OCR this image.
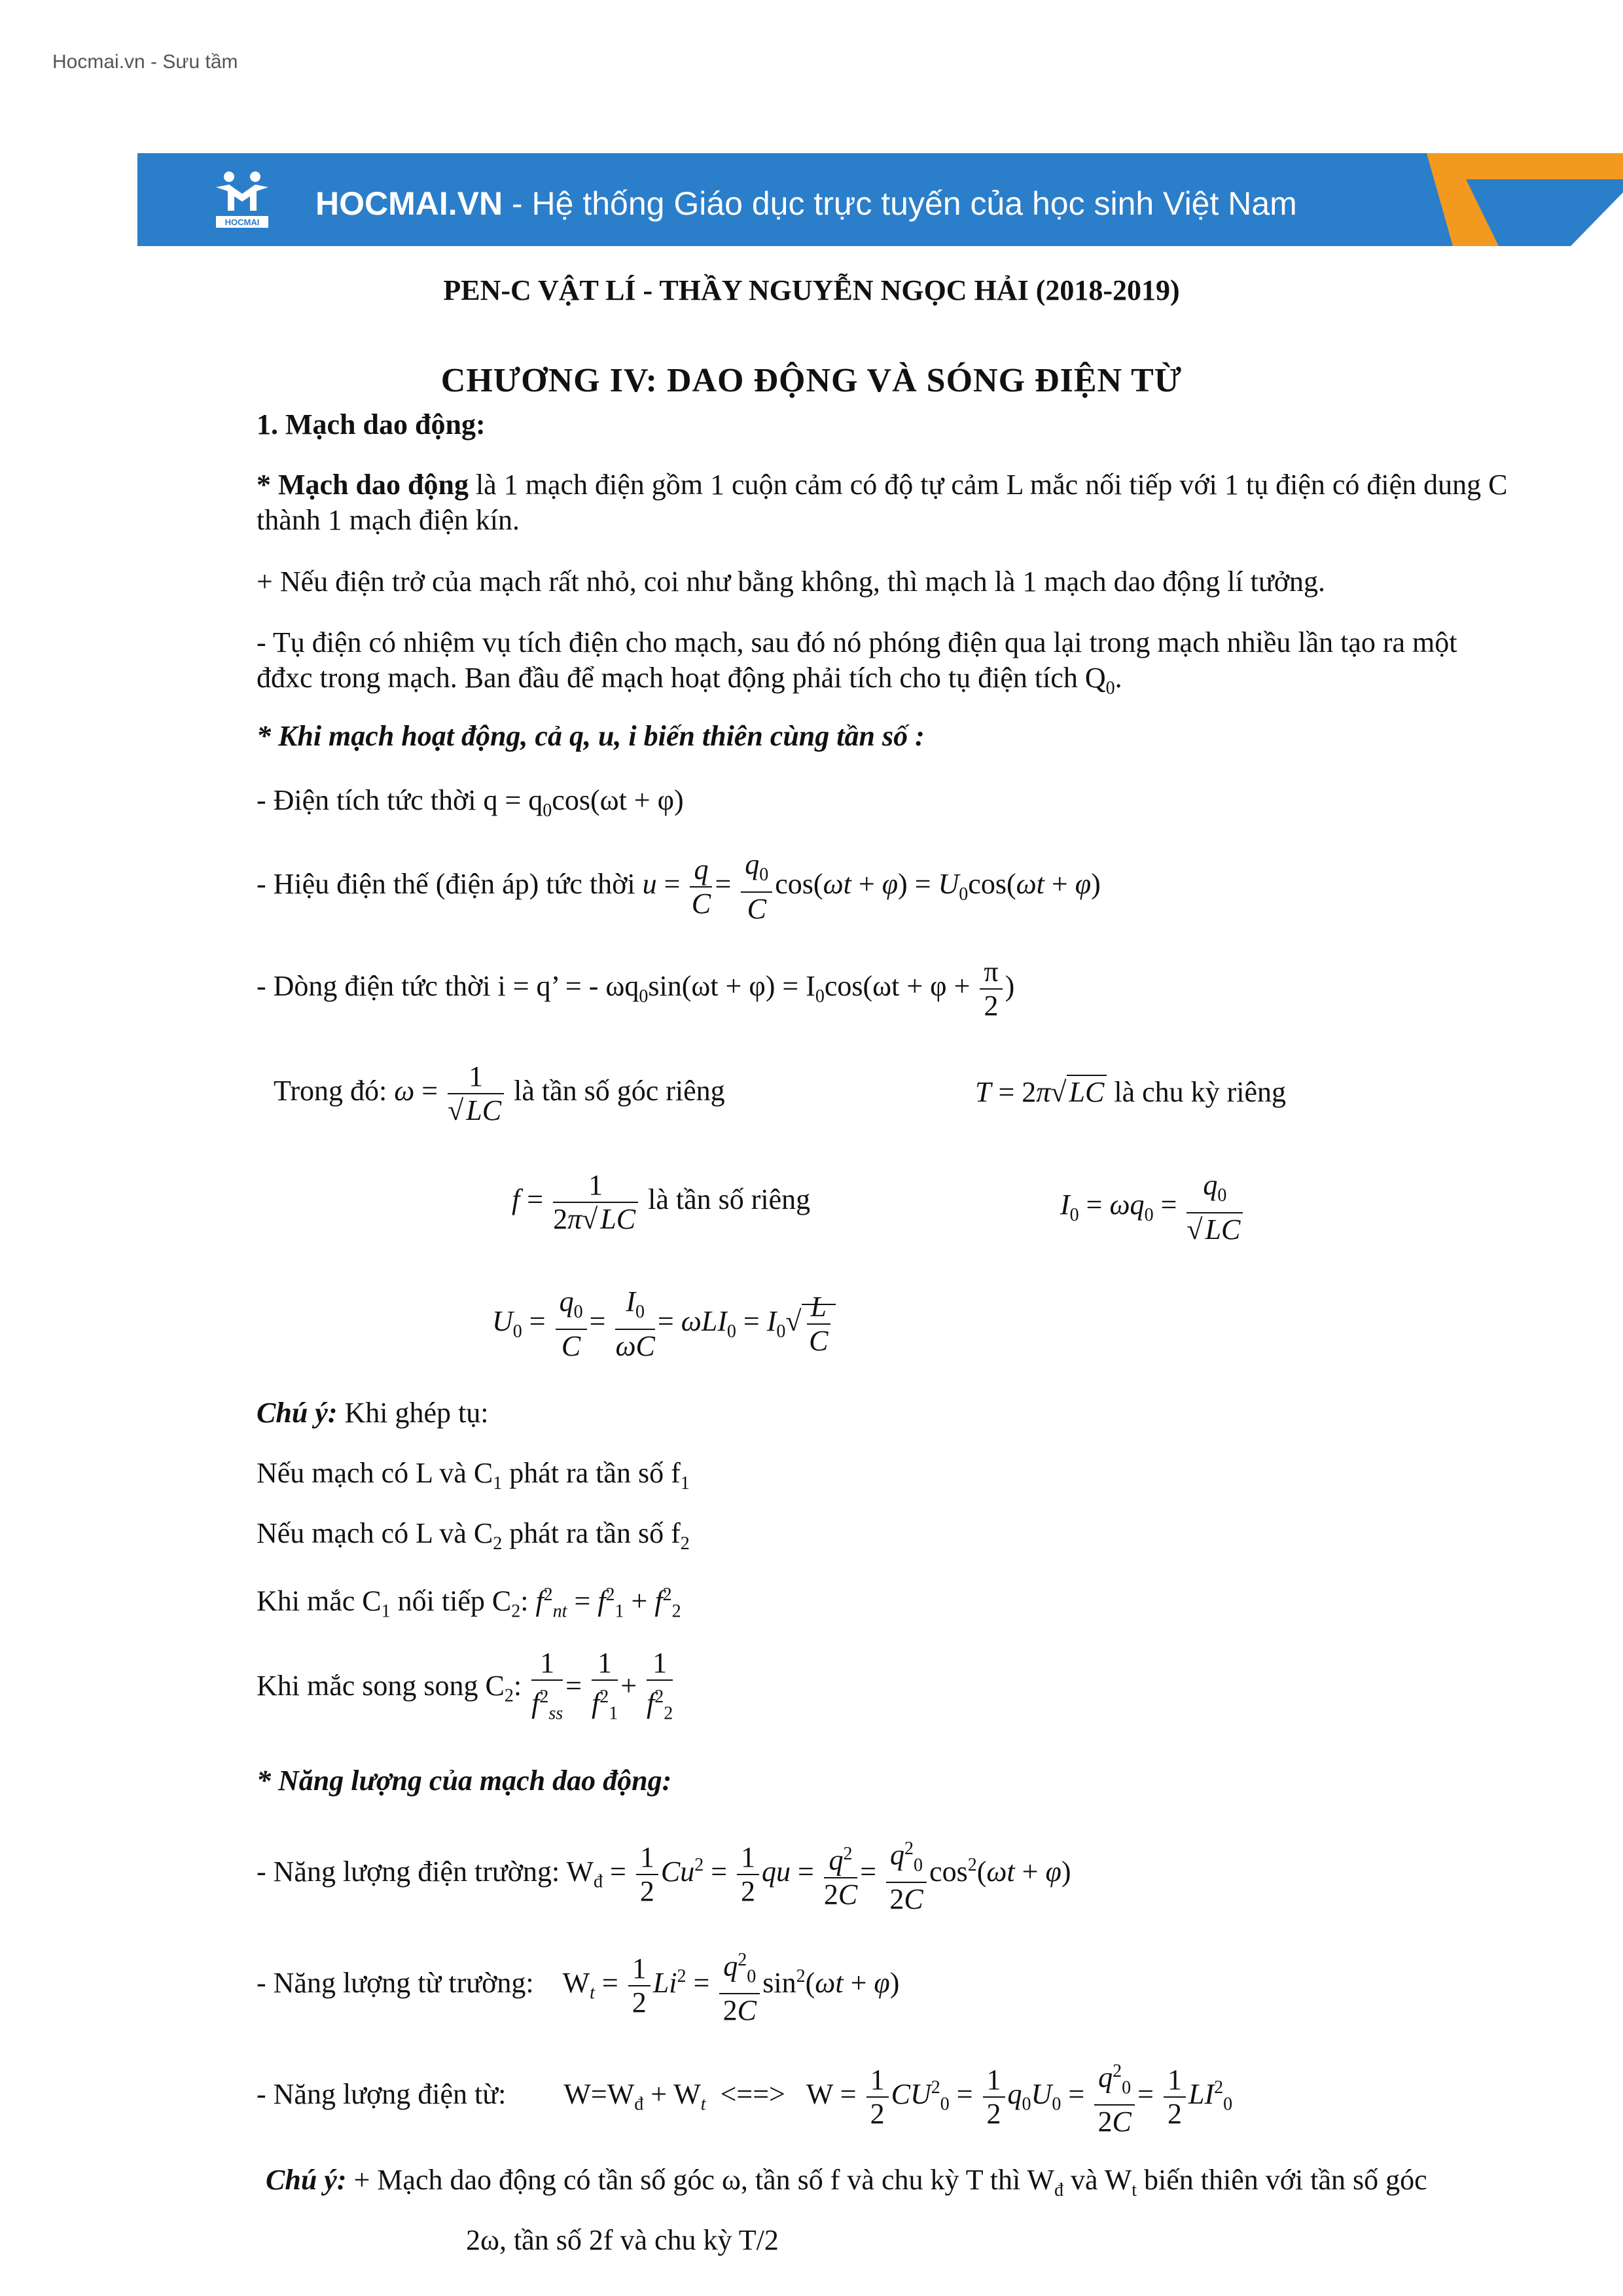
Hocmai.vn - Sưu tầm
HOCMAI
HOCMAI.VN - Hệ thống Giáo dục trực tuyến của học sinh Việt Nam
PEN-C VẬT LÍ - THẦY NGUYỄN NGỌC HẢI (2018-2019)
CHƯƠNG IV: DAO ĐỘNG VÀ SÓNG ĐIỆN TỪ
1. Mạch dao động:
* Mạch dao động là 1 mạch điện gồm 1 cuộn cảm có độ tự cảm L mắc nối tiếp với 1 tụ điện có điện dung C thành 1 mạch điện kín.
+ Nếu điện trở của mạch rất nhỏ, coi như bằng không, thì mạch là 1 mạch dao động lí tưởng.
- Tụ điện có nhiệm vụ tích điện cho mạch, sau đó nó phóng điện qua lại trong mạch nhiều lần tạo ra một đđxc trong mạch. Ban đầu để mạch hoạt động phải tích cho tụ điện tích $Q_0$.
* Khi mạch hoạt động, cả q, u, i biến thiên cùng tần số :
- Điện tích tức thời $q = q_0\cos(\omega t + \varphi)$
- Hiệu điện thế (điện áp) tức thời $u = \frac{q}{C} = \frac{q_0}{C} \cos(\omega t + \varphi) = U_0\cos(\omega t + \varphi)$
- Dòng điện tức thời i = q’ = - $\omega q_0\sin(\omega t + \varphi) = I_0\cos(\omega t + \varphi + \frac{\pi}{2}$ )
Trong đó: $\omega = \frac{1}{√LC}$ là tần số góc riêng	T = 2π√LC là chu kỳ riêng
$f = \frac{1}{2\pi√LC}$ là tần số riêng	$I_0 = \omega q_0 = \frac{q_0}{√LC}$
$U_0 = \frac{q_0}{C} = \frac{I_0}{\omega C} = \omega LI_0 = I_0√ \frac{L}{C}$
Chú ý: Khi ghép tụ:
Nếu mạch có L và $C_1$ phát ra tần số $f_1$
Nếu mạch có L và $C_2$ phát ra tần số $f_2$
Khi mắc $C_1$ nối tiếp $C_2$: $f^2_{nt} = f^2_1 + f^2_2$
Khi mắc song song $C_2$: $\frac{1}{f^2_{ss}} = \frac{1}{f^2_1} + \frac{1}{f^2_2}$
* Năng lượng của mạch dao động:
- Năng lượng điện trường: $W_đ = \frac{1}{2} Cu^2 = \frac{1}{2}$ qu = $\frac{q^2}{2C} = \frac{q^2_0}{2C} \cos^2(\omega t + \varphi)$
- Năng lượng từ trường:    $W_t = \frac{1}{2} Li^2 = \frac{q^2_0}{2C} \sin^2(\omega t + \varphi)$
- Năng lượng điện từ:        $W=W_đ + W_t$  <==>   $W = \frac{1}{2} CU^2_0 = \frac{1}{2} q_0U_0 = \frac{q^2_0}{2C} = \frac{1}{2} LI^2_0$
Chú ý: + Mạch dao động có tần số góc ω, tần số f và chu kỳ T thì $W_đ$ và $W_t$ biến thiên với tần số góc
2ω, tần số 2f và chu kỳ T/2
